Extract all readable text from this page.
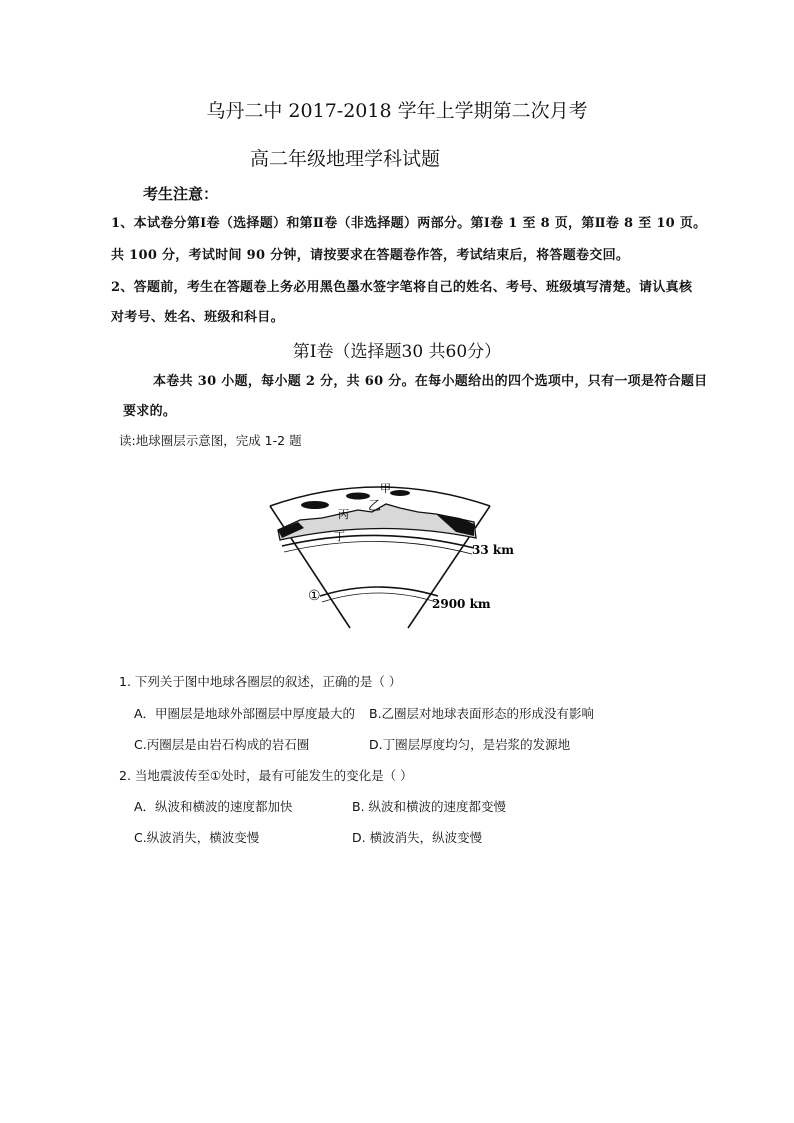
乌丹二中 2017-2018 学年上学期第二次月考
高二年级地理学科试题
考生注意：
1、本试卷分第Ⅰ卷（选择题）和第Ⅱ卷（非选择题）两部分。第Ⅰ卷 1 至 8 页，第Ⅱ卷 8 至 10 页。
共 100 分，考试时间 90 分钟，请按要求在答题卷作答，考试结束后，将答题卷交回。
2、答题前，考生在答题卷上务必用黑色墨水签字笔将自己的姓名、考号、班级填写清楚。请认真核
对考号、姓名、班级和科目。
第Ⅰ卷（选择题30 共60分）
本卷共 30 小题，每小题 2 分，共 60 分。在每小题给出的四个选项中，只有一项是符合题目
要求的。
读:地球圈层示意图，完成 1-2 题
甲
乙
丙
丁
①
33 km
2900 km
1. 下列关于图中地球各圈层的叙述，正确的是（ ）
A．甲圈层是地球外部圈层中厚度最大的 B.乙圈层对地球表面形态的形成没有影响
C.丙圈层是由岩石构成的岩石圈	D.丁圈层厚度均匀，是岩浆的发源地
2. 当地震波传至①处时，最有可能发生的变化是（ ）
A．纵波和横波的速度都加快	B. 纵波和横波的速度都变慢
C.纵波消失，横波变慢	D. 横波消失，纵波变慢
